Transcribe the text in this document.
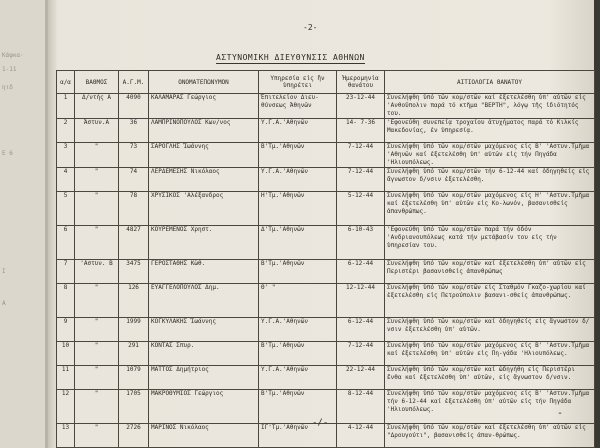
Κάφκα·
1-11
ηιδ
Ε 6
Ι
Α
-2-
ΑΣΤΥΝΟΜΙΚΗ ΔΙΕΥΘΥΝΣΙΣ ΑΘΗΝΩΝ
α/α	ΒΑΘΜΟΣ	Α.Γ.Μ.	ΟΝΟΜΑΤΕΠΩΝΥΜΟΝ	Υπηρεσία εἰς ἣν ὑπηρέτει	Ἡμερομηνία θανάτου	ΑΙΤΙΟΛΟΓΙΑ ΘΑΝΑΤΟΥ
1	Δ/ντής Α	4090	ΚΑΛΑΜΑΡΑΣ Γεώργιος	Ἐπιτελεῖον Διευ-θύνσεως Ἀθηνῶν	23-12-44	Συνελήφθη ὑπό τῶν κομ/στῶν καί ἐξετελέσθη ὑπ' αὐτῶν εἰς 'Ανθοῦπολιν παρά τό κτῆμα "ΒΕΡΤΗ", λόγῳ τῆς ἰδιότητός του.
2	Ἀστυν.Α	36	ΛΑΜΠΡΙΝΟΠΟΥΛΟΣ Κων/νος	Υ.Γ.Α.'Αθηνῶν	14- 7-36	'Εφονεύθη συνεπείᾳ τροχαίου ἀτυχήματος παρά τό Κιλκίς Μακεδονίας, ἐν ὑπηρεσίᾳ.
3	"	73	ΣΑΡΟΓΛΗΣ Ἰωάννης	Β'Τμ.'Αθηνῶν	7-12-44	Συνελήφθη ὑπό τῶν κομ/στῶν μαχόμενος εἰς Β' 'Αστυν.Τμῆμα 'Αθηνῶν καί ἐξετελέσθη ὑπ' αὐτῶν εἰς τήν Πηγάδα 'Ηλιουπόλεως.
4	"	74	ΛΕΡΔΕΜΕΣΗΣ Νικόλαος	Υ.Γ.Α.'Αθηνῶν	7-12-44	Συνελήφθη ὑπό τῶν κομ/στῶν τήν 6-12-44 καί ὁδηγηθείς εἰς ἄγνωστον δ/νσιν ἐξετελέσθη.
5	"	78	ΧΡΥΣΙΚΟΣ 'Αλέξανδρος	Η'Τμ.'Αθηνῶν	5-12-44	Συνελήφθη ὑπό τῶν κομ/στῶν μαχόμενος εἰς Η' 'Αστυν.Τμῆμα καί ἐξετελέσθη ὑπ' αὐτῶν εἰς Κο-λωνόν, βασανισθείς ἀπανθρώπως.
6	"	4827	ΚΟΥΡΕΜΕΝΟΣ Χρηστ.	Δ'Τμ.'Αθηνῶν	6-10-43	'Εφονεύθη ὑπό τῶν κομ/στῶν παρά τήν ὁδόν 'Ανδριανουπόλεως κατά τήν μετάβασίν του εἰς τήν ὑπηρεσίαν του.
7	'Αστυν. Β	3475	ΓΕΡΟΣΤΑΘΗΣ Κὼθ.	Β'Τμ.'Αθηνῶν	6-12-44	Συνελήφθη ὑπό τῶν κομ/στῶν καί ἐξετελέσθη ὑπ' αὐτῶν εἰς Περιστέρι βασανισθείς ἀπανθρώπως
8	"	126	ΕΥΑΓΓΕΛΟΠΟΥΛΟΣ Δημ.	Θ' "	12-12-44	Συνελήφθη ὑπό τῶν κομ/στῶν εἰς Σταθμόν Γκαζο-χωρίου καί ἐξετελέσθη εἰς Πετρούπολιν βασανι-σθείς ἀπανθρώπως.
9	"	1999	ΚΟΓΚΥΛΑΚΗΣ Ἰωάννης	Υ.Γ.Α.'Αθηνῶν	6-12-44	Συνελήφθη ὑπό τῶν κομ/στῶν καί ὁδηγηθείς εἰς ἄγνωστον δ/νσιν ἐξετελέσθη ὑπ' αὐτῶν.
10	"	291	ΚΟΝΤΑΣ Σπυρ.	Β'Τμ.'Αθηνῶν	7-12-44	Συνελήφθη ὑπό τῶν κομ/στῶν μαχόμενος εἰς Β' 'Αστυν.Τμῆμα καί ἐξετελέσθη ὑπ' αὐτῶν εἰς Πη-γάδα 'Ηλιουπόλεως.
11	"	1079	ΜΑΤΤΟΣ Δημήτριος	Υ.Γ.Α.'Αθηνῶν	22-12-44	Συνελήφθη ὑπό τῶν κομ/στῶν καί ὡδηγήθη εἰς Περιστέρι ἔνθα καί ἐξετελέσθη ὑπ' αὐτῶν, εἰς ἄγνωστον δ/νσιν.
12	"	1705	ΜΑΚΡΟΘΥΜΙΟΣ Γεώργιος	Β'Τμ.'Αθηνῶν	8-12-44	Συνελήφθη ὑπό τῶν κομ/στῶν μαχόμενος εἰς Β' 'Αστυν.Τμῆμα τήν 6-12-44 καί ἐξετελέσθη ὑπ' αὐτῶν εἰς τήν Πηγάδα 'Ηλιουπόλεως.
13	"	2726	ΜΑΡΙΝΟΣ Νικόλαος	ΙΓ'Τμ.'Αθηνῶν	4-12-44	Συνελήφθη ὑπό τῶν κομ/στῶν καί ἐξετελέσθη ὑπ' αὐτῶν εἰς "Δρουγούτι", βασανισθείς ἀπαν-θρώπως.
-
-/-
